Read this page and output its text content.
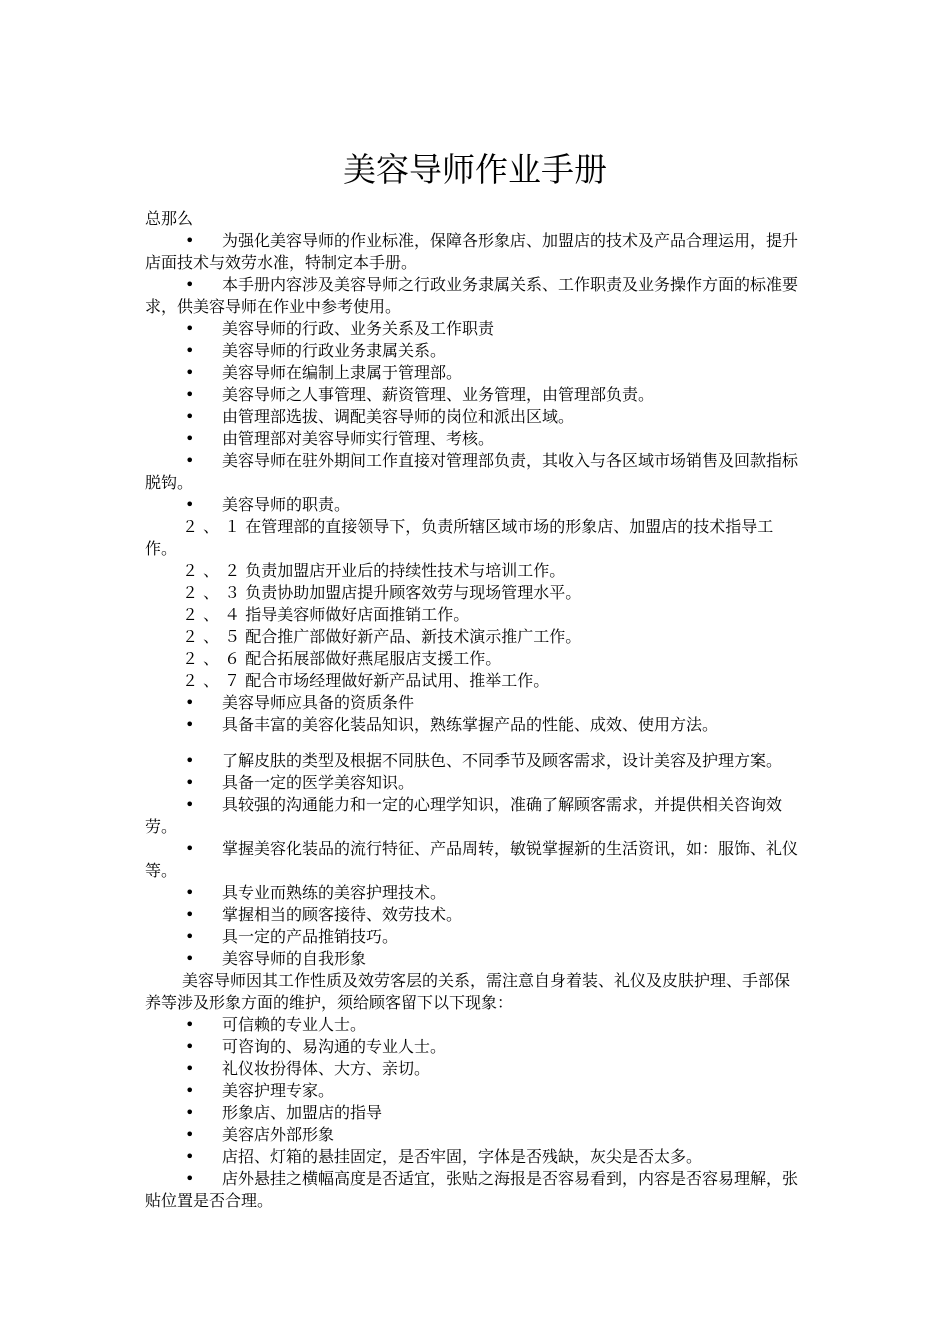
美容导师作业手册

总那么

• 为强化美容导师的作业标准，保障各形象店、加盟店的技术及产品合理运用，提升店面技术与效劳水准，特制定本手册。

• 本手册内容涉及美容导师之行政业务隶属关系、工作职责及业务操作方面的标准要求，供美容导师在作业中参考使用。

• 美容导师的行政、业务关系及工作职责

• 美容导师的行政业务隶属关系。

• 美容导师在编制上隶属于管理部。

• 美容导师之人事管理、薪资管理、业务管理，由管理部负责。

• 由管理部选拔、调配美容导师的岗位和派出区域。

• 由管理部对美容导师实行管理、考核。

• 美容导师在驻外期间工作直接对管理部负责，其收入与各区域市场销售及回款指标脱钩。

• 美容导师的职责。

２ 、 １ 在管理部的直接领导下，负责所辖区域市场的形象店、加盟店的技术指导工作。

２ 、 ２ 负责加盟店开业后的持续性技术与培训工作。

２ 、 ３ 负责协助加盟店提升顾客效劳与现场管理水平。

２ 、 ４ 指导美容师做好店面推销工作。

２ 、 ５ 配合推广部做好新产品、新技术演示推广工作。

２ 、 ６ 配合拓展部做好燕尾服店支援工作。

２ 、 ７ 配合市场经理做好新产品试用、推举工作。

• 美容导师应具备的资质条件

• 具备丰富的美容化装品知识，熟练掌握产品的性能、成效、使用方法。

• 了解皮肤的类型及根据不同肤色、不同季节及顾客需求，设计美容及护理方案。

• 具备一定的医学美容知识。

• 具较强的沟通能力和一定的心理学知识，准确了解顾客需求，并提供相关咨询效劳。

• 掌握美容化装品的流行特征、产品周转，敏锐掌握新的生活资讯，如：服饰、礼仪等。

• 具专业而熟练的美容护理技术。

• 掌握相当的顾客接待、效劳技术。

• 具一定的产品推销技巧。

• 美容导师的自我形象

美容导师因其工作性质及效劳客层的关系，需注意自身着装、礼仪及皮肤护理、手部保养等涉及形象方面的维护，须给顾客留下以下现象：

• 可信赖的专业人士。

• 可咨询的、易沟通的专业人士。

• 礼仪妆扮得体、大方、亲切。

• 美容护理专家。

• 形象店、加盟店的指导

• 美容店外部形象

• 店招、灯箱的悬挂固定，是否牢固，字体是否残缺，灰尖是否太多。

• 店外悬挂之横幅高度是否适宜，张贴之海报是否容易看到，内容是否容易理解，张贴位置是否合理。
